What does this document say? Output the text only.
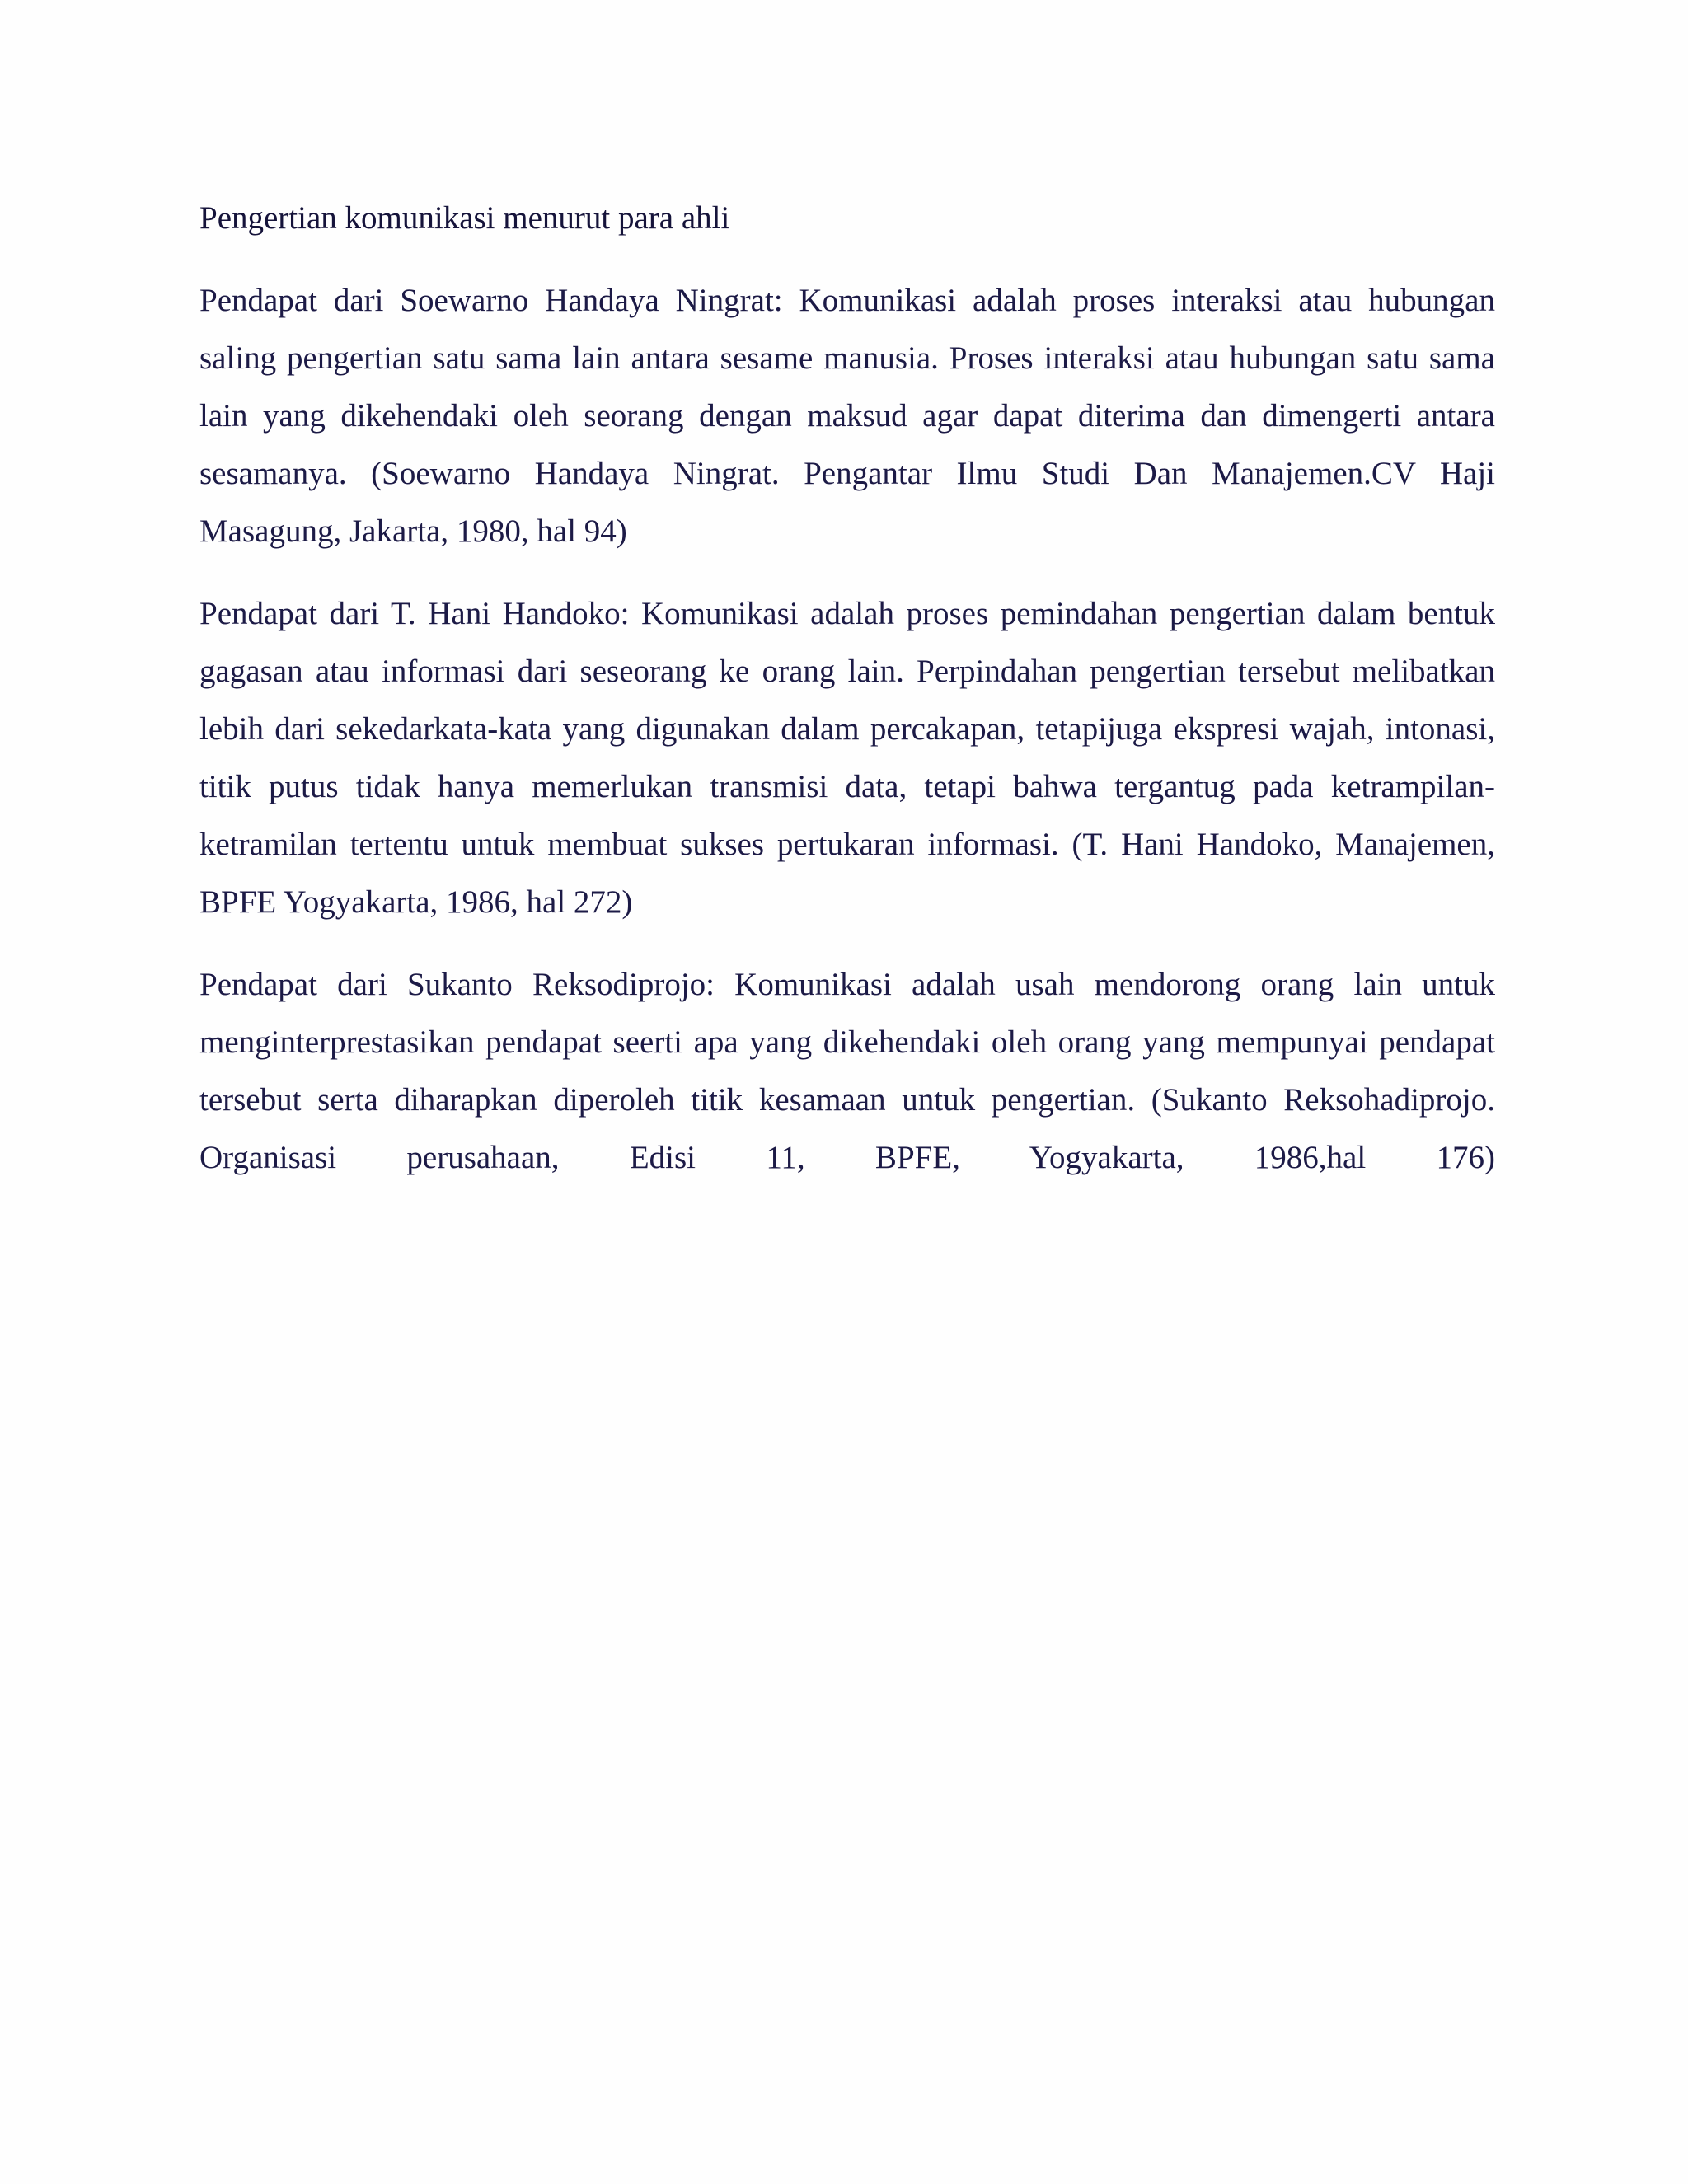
Pengertian komunikasi menurut para ahli

Pendapat dari Soewarno Handaya Ningrat: Komunikasi adalah proses interaksi atau hubungan saling pengertian satu sama lain antara sesame manusia. Proses interaksi atau hubungan satu sama lain yang dikehendaki oleh seorang dengan maksud agar dapat diterima dan dimengerti antara sesamanya. (Soewarno Handaya Ningrat. Pengantar Ilmu Studi Dan Manajemen.CV Haji Masagung, Jakarta, 1980, hal 94)

Pendapat dari T. Hani Handoko: Komunikasi adalah proses pemindahan pengertian dalam bentuk gagasan atau informasi dari seseorang ke orang lain. Perpindahan pengertian tersebut melibatkan lebih dari sekedarkata-kata yang digunakan dalam percakapan, tetapijuga ekspresi wajah, intonasi, titik putus tidak hanya memerlukan transmisi data, tetapi bahwa tergantug pada ketrampilan- ketramilan tertentu untuk membuat sukses pertukaran informasi. (T. Hani Handoko, Manajemen, BPFE Yogyakarta, 1986, hal 272)

Pendapat dari Sukanto Reksodiprojo: Komunikasi adalah usah mendorong orang lain untuk menginterprestasikan pendapat seerti apa yang dikehendaki oleh orang yang mempunyai pendapat tersebut serta diharapkan diperoleh titik kesamaan untuk pengertian. (Sukanto Reksohadiprojo. Organisasi perusahaan, Edisi 11, BPFE, Yogyakarta, 1986,hal 176)
